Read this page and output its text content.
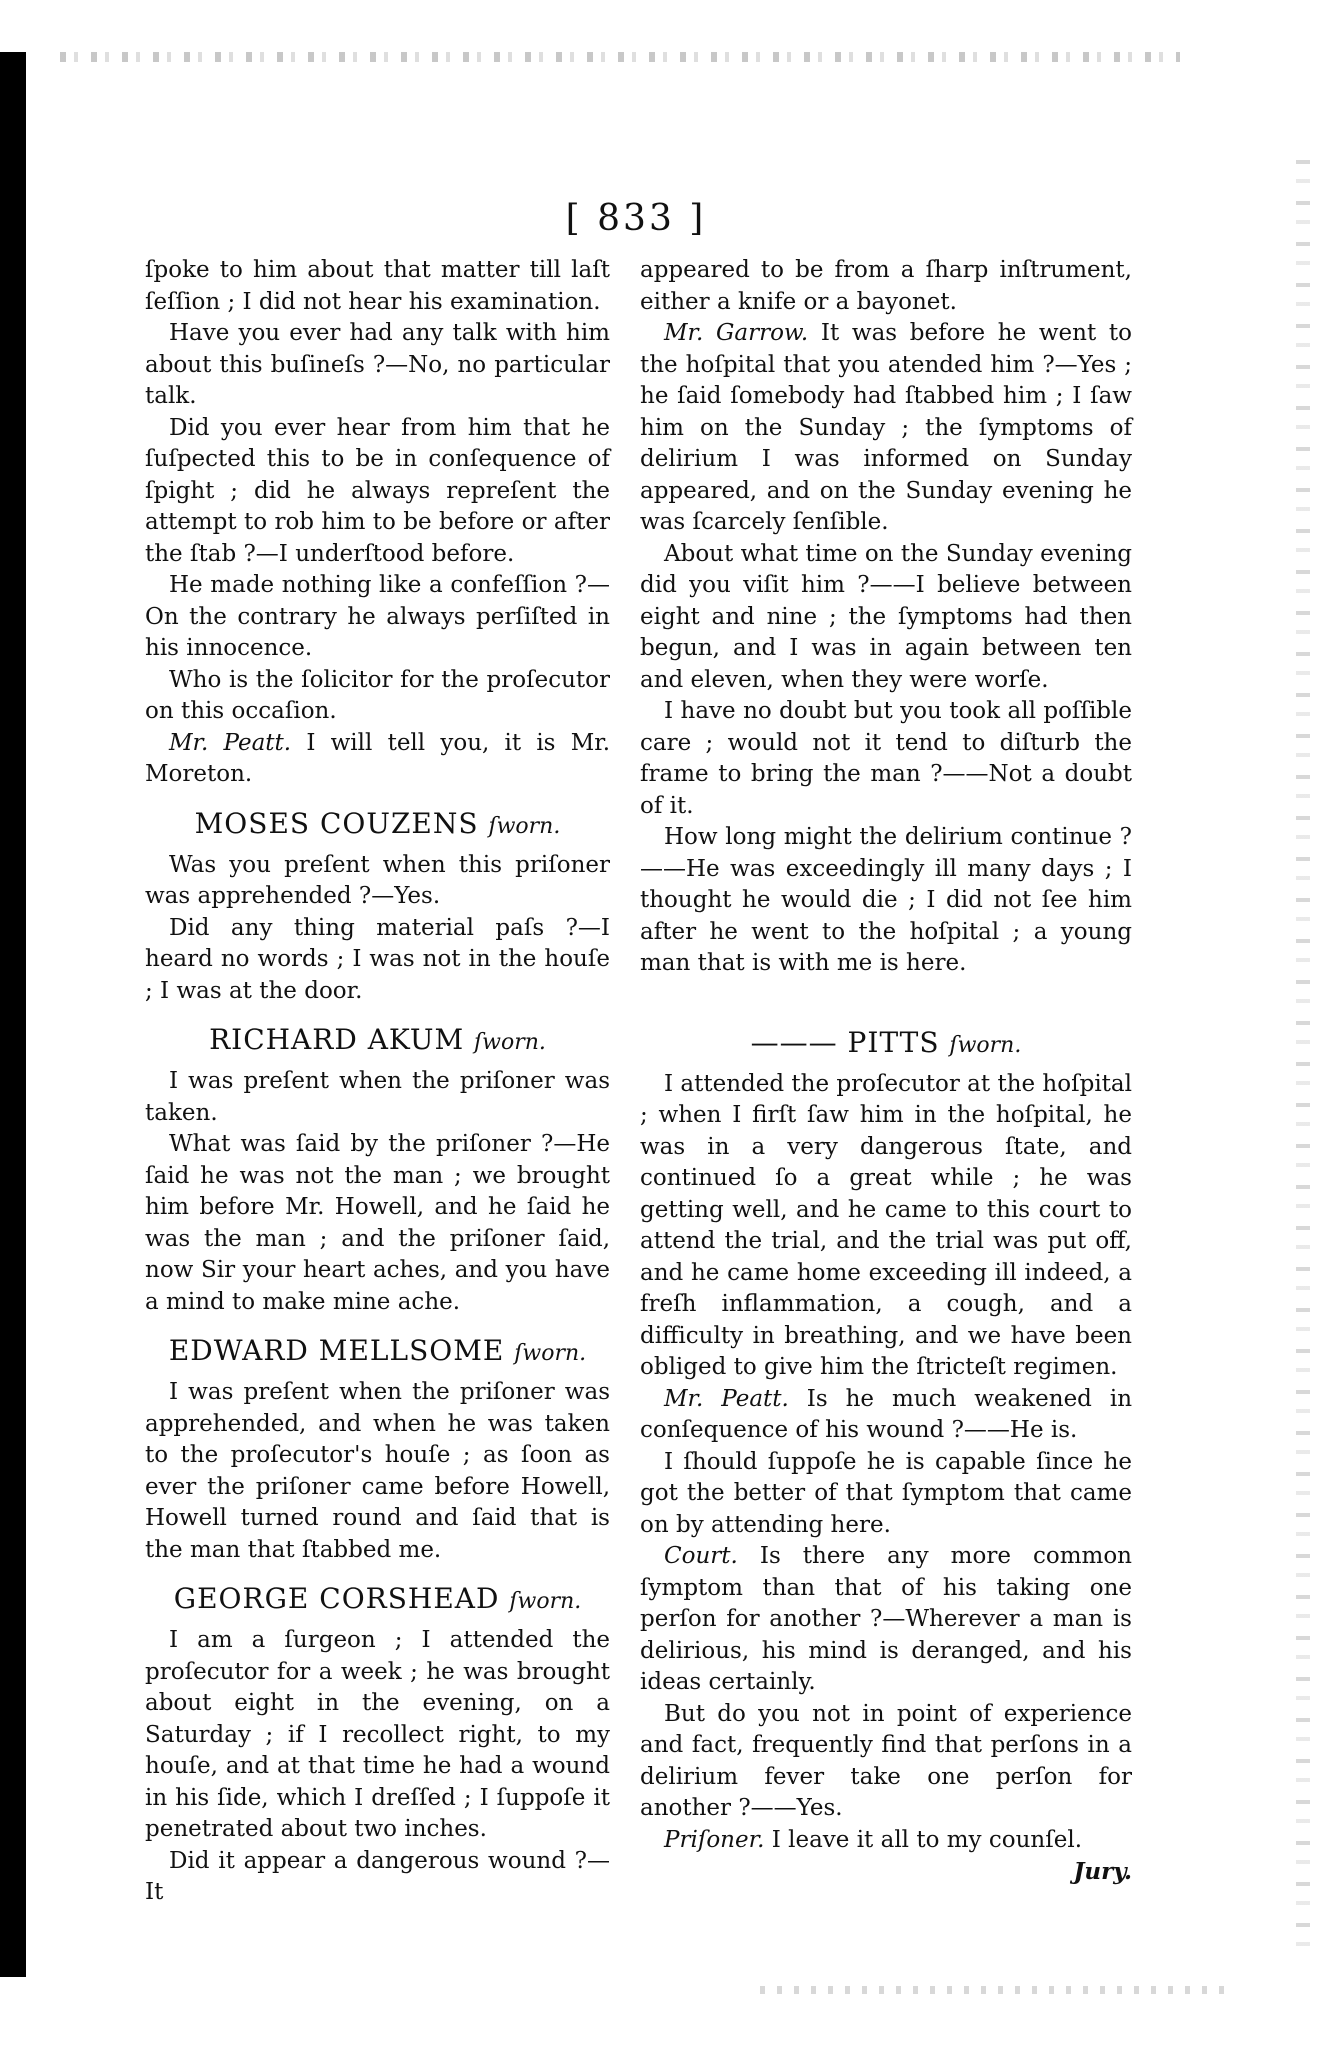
[ 833 ]

ſpoke to him about that matter till laſt ſeſſion ; I did not hear his examination.

Have you ever had any talk with him about this buſineſs ?—No, no particular talk.

Did you ever hear from him that he ſuſpected this to be in conſequence of ſpight ; did he always repreſent the attempt to rob him to be before or after the ſtab ?—I underſtood before.

He made nothing like a confeſſion ?—On the contrary he always perſiſted in his innocence.

Who is the ſolicitor for the proſecutor on this occaſion.

Mr. Peatt. I will tell you, it is Mr. Moreton.

MOSES COUZENS ſworn.

Was you preſent when this priſoner was apprehended ?—Yes.

Did any thing material paſs ?—I heard no words ; I was not in the houſe ; I was at the door.

RICHARD AKUM ſworn.

I was preſent when the priſoner was taken.

What was ſaid by the priſoner ?—He ſaid he was not the man ; we brought him before Mr. Howell, and he ſaid he was the man ; and the priſoner ſaid, now Sir your heart aches, and you have a mind to make mine ache.

EDWARD MELLSOME ſworn.

I was preſent when the priſoner was apprehended, and when he was taken to the proſecutor's houſe ; as ſoon as ever the priſoner came before Howell, Howell turned round and ſaid that is the man that ſtabbed me.

GEORGE CORSHEAD ſworn.

I am a ſurgeon ; I attended the proſecutor for a week ; he was brought about eight in the evening, on a Saturday ; if I recollect right, to my houſe, and at that time he had a wound in his ſide, which I dreſſed ; I ſuppoſe it penetrated about two inches.

Did it appear a dangerous wound ?—It

appeared to be from a ſharp inſtrument, either a knife or a bayonet.

Mr. Garrow. It was before he went to the hoſpital that you atended him ?—Yes ; he ſaid ſomebody had ſtabbed him ; I ſaw him on the Sunday ; the ſymptoms of delirium I was informed on Sunday appeared, and on the Sunday evening he was ſcarcely ſenſible.

About what time on the Sunday evening did you viſit him ?——I believe between eight and nine ; the ſymptoms had then begun, and I was in again between ten and eleven, when they were worſe.

I have no doubt but you took all poſſible care ; would not it tend to diſturb the frame to bring the man ?——Not a doubt of it.

How long might the delirium continue ?——He was exceedingly ill many days ; I thought he would die ; I did not ſee him after he went to the hoſpital ; a young man that is with me is here.

——— PITTS ſworn.

I attended the proſecutor at the hoſpital ; when I firſt ſaw him in the hoſpital, he was in a very dangerous ſtate, and continued ſo a great while ; he was getting well, and he came to this court to attend the trial, and the trial was put off, and he came home exceeding ill indeed, a freſh inflammation, a cough, and a difficulty in breathing, and we have been obliged to give him the ſtricteſt regimen.

Mr. Peatt. Is he much weakened in conſequence of his wound ?——He is.

I ſhould ſuppoſe he is capable ſince he got the better of that ſymptom that came on by attending here.

Court. Is there any more common ſymptom than that of his taking one perſon for another ?—Wherever a man is delirious, his mind is deranged, and his ideas certainly.

But do you not in point of experience and fact, frequently find that perſons in a delirium fever take one perſon for another ?——Yes.

Priſoner. I leave it all to my counſel.

Jury.
